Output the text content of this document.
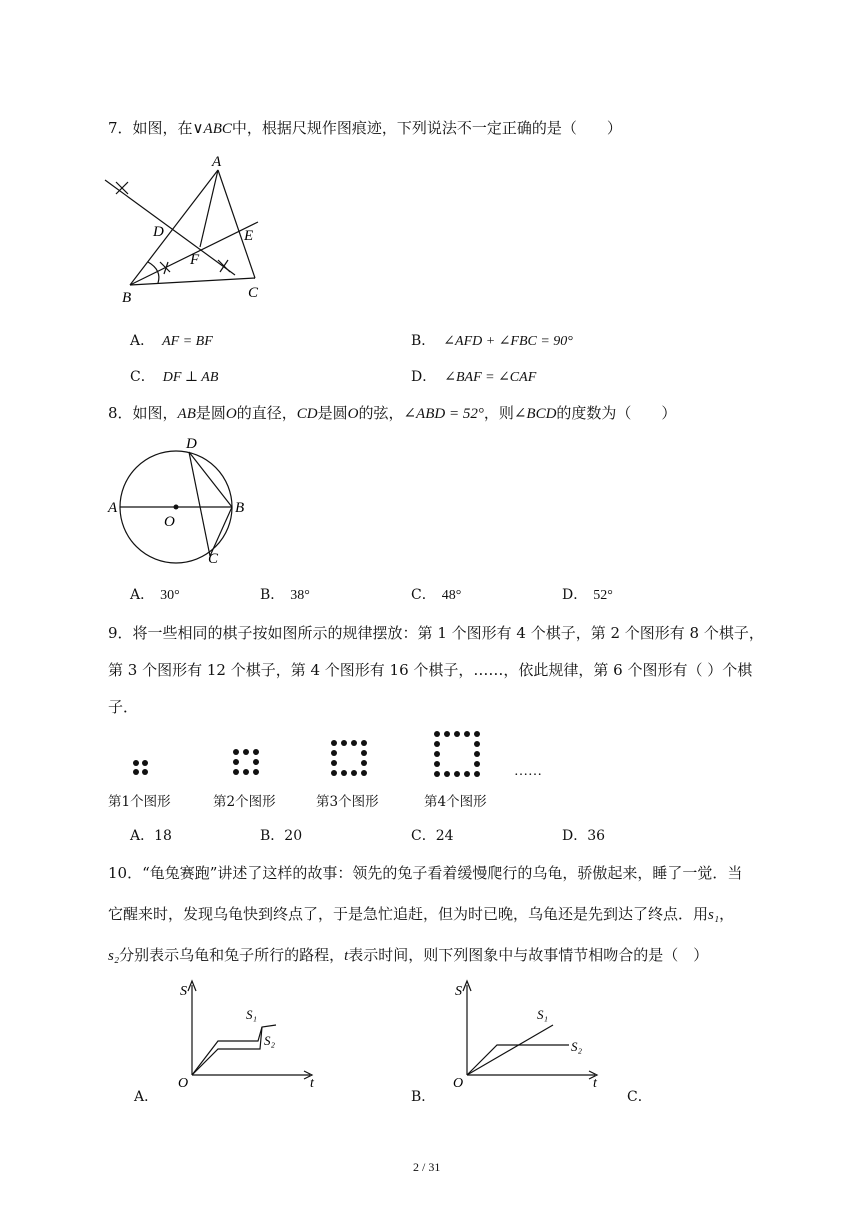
7．如图，在∨ABC中，根据尺规作图痕迹，下列说法不一定正确的是（　　）
A
B	C
D	E
F
A． AF = BF	B． ∠AFD + ∠FBC = 90°
C． DF ⊥ AB	D． ∠BAF = ∠CAF
8．如图，AB是圆O的直径，CD是圆O的弦，∠ABD = 52°，则∠BCD的度数为（　　）
A	B
C
D
O
A． 30°	B． 38°	C． 48°	D． 52°
9．将一些相同的棋子按如图所示的规律摆放：第 1 个图形有 4 个棋子，第 2 个图形有 8 个棋子，
第 3 个图形有 12 个棋子，第 4 个图形有 16 个棋子，……，依此规律，第 6 个图形有（ ）个棋
子．
……
第1个图形	第2个图形	第3个图形	第4个图形
A．18	B．20	C．24	D．36
10．“龟兔赛跑”讲述了这样的故事：领先的兔子看着缓慢爬行的乌龟，骄傲起来，睡了一觉．当
它醒来时，发现乌龟快到终点了，于是急忙追赶，但为时已晚，乌龟还是先到达了终点．用s₁，
s₂分别表示乌龟和兔子所行的路程，t表示时间，则下列图象中与故事情节相吻合的是（　）
S
O	t
S₁
S₂
A．
S
O	t
S₁
S₂
B．	C．
2 / 31
